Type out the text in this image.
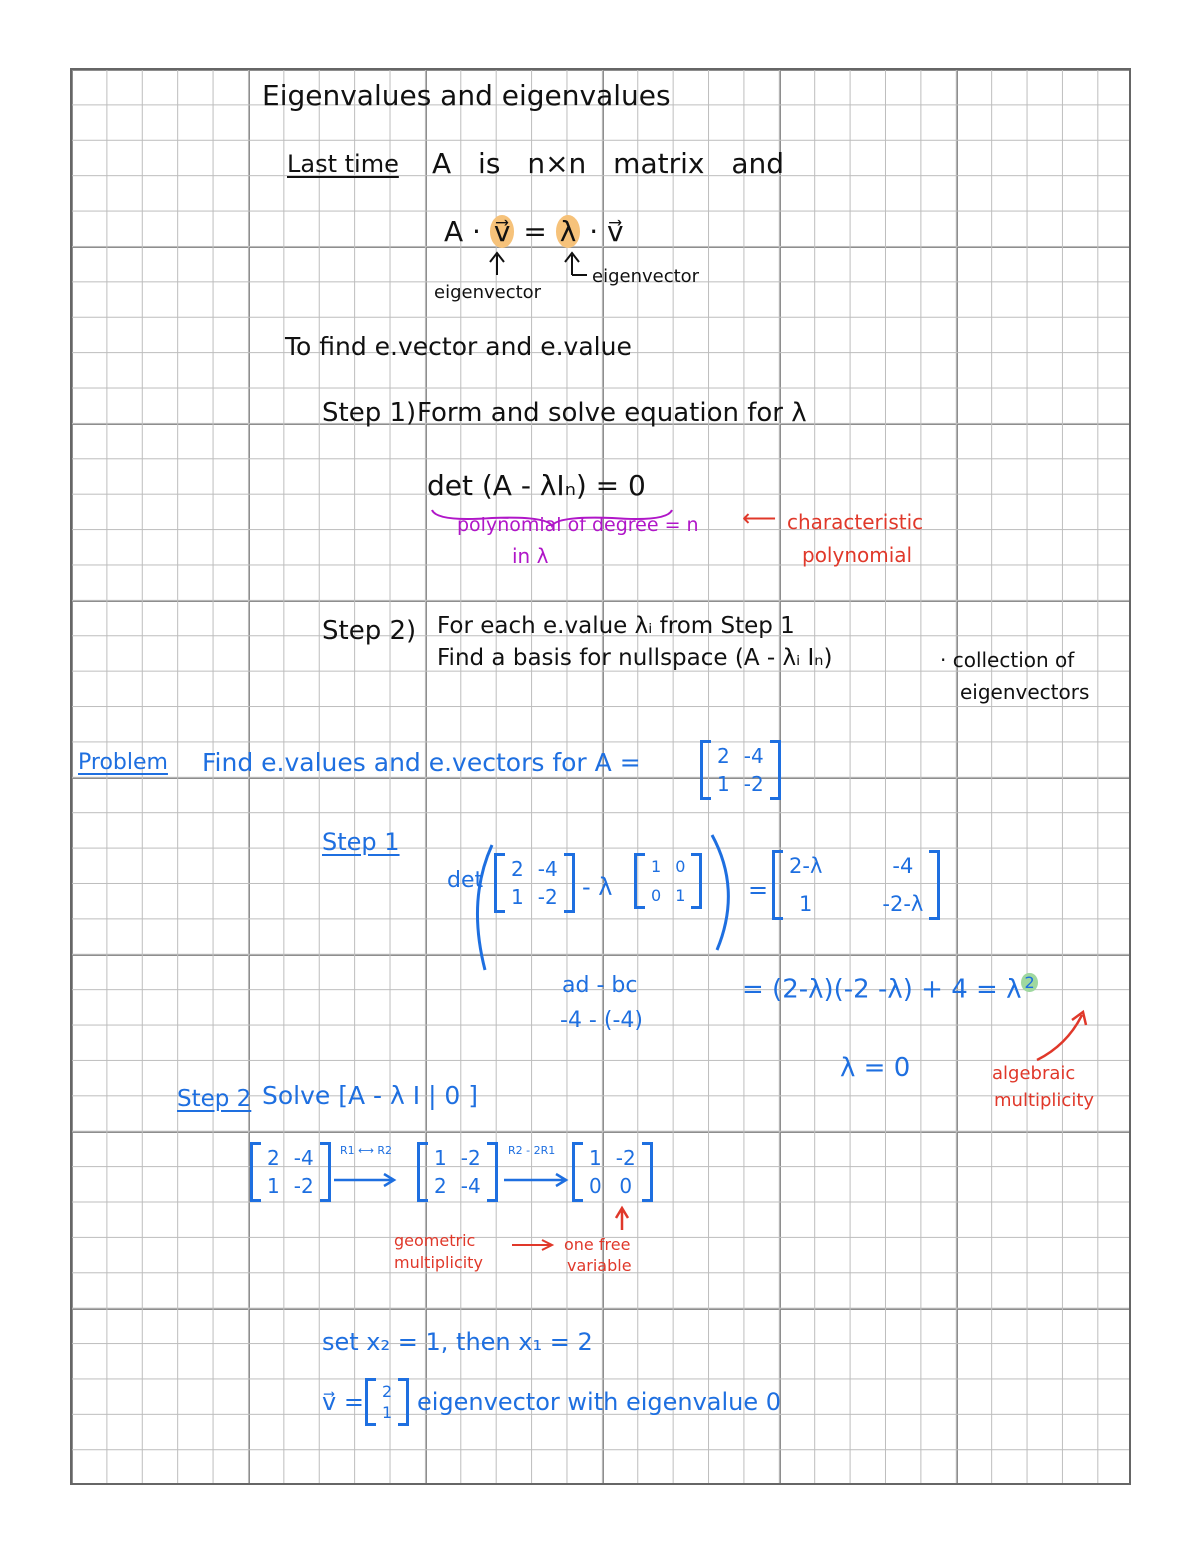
Eigenvalues and eigenvalues
Last time A is n×n matrix and
A · v⃗ = λ · v⃗
eigenvector
eigenvector
To find e.vector and e.value
Step 1) Form and solve equation for λ
det (A - λIₙ) = 0
polynomial of degree = n
in λ
⟵ characteristic
polynomial
Step 2) For each e.value λᵢ from Step 1
Find a basis for nullspace (A - λᵢ Iₙ)	· collection of
eigenvectors
Problem Find e.values and e.vectors for A =	2 -4
1 -2
Step 1
det 2 -4
1 -2 - λ
1 0
0 1	=
2-λ	-4
1	-2-λ
ad - bc
-4 - (-4)
= (2-λ)(-2 -λ) + 4 = λ $^2$
λ = 0	algebraic
multiplicity
Step 2 Solve [A - λ I | 0 ]
2 -4
1 -2
R1 ⟷ R2 1 -2
2 -4
R2 - 2R1 1 -2
0 0
geometric
multiplicity
one free
variable
set x₂ = 1, then x₁ = 2
v⃗ = 2
1 eigenvector with eigenvalue 0
